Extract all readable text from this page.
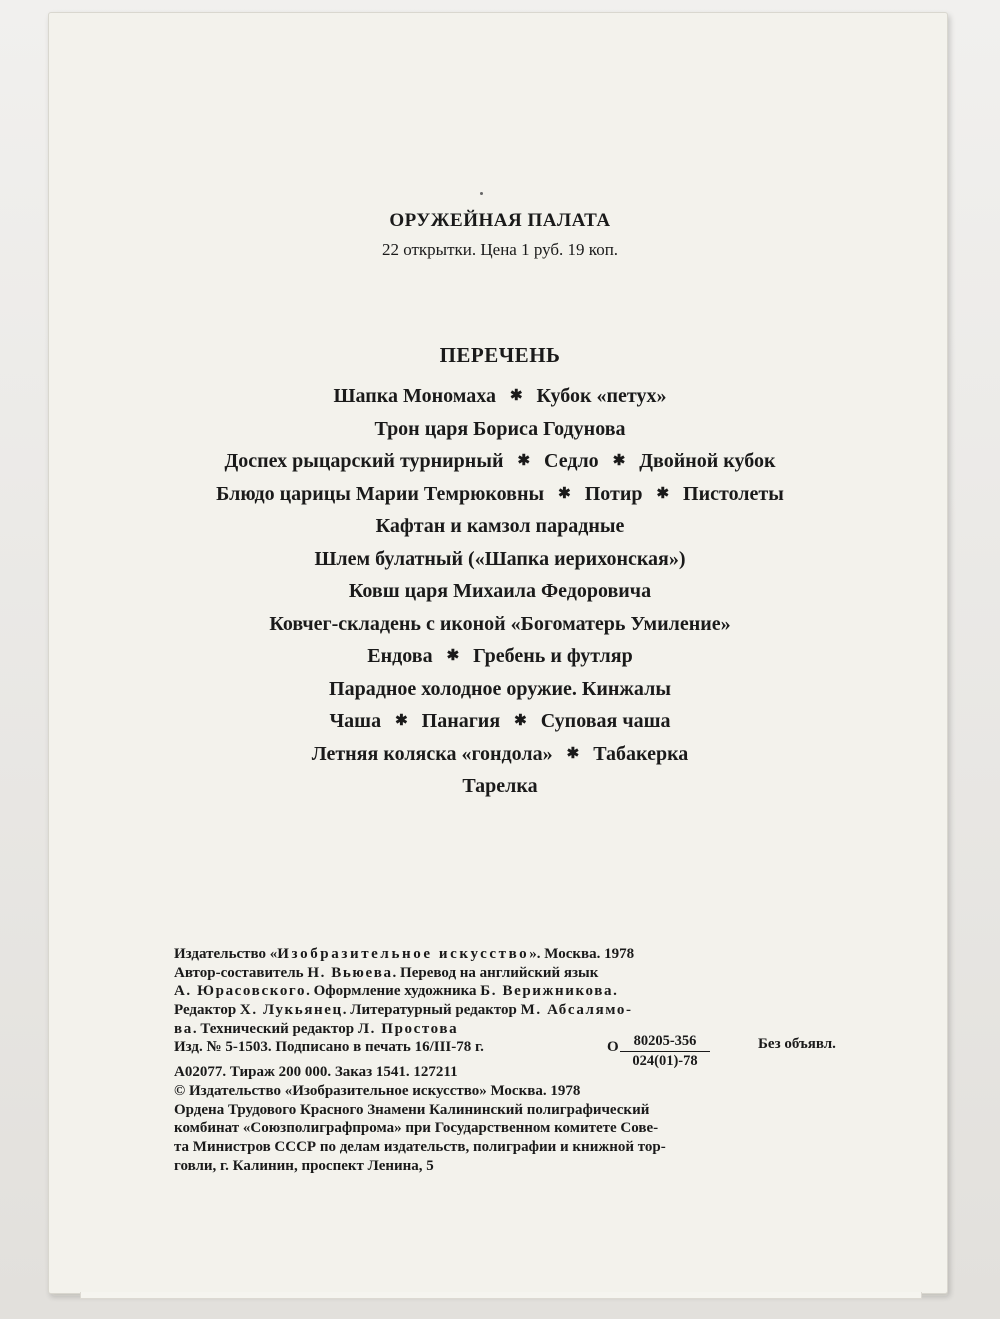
ОРУЖЕЙНАЯ ПАЛАТА
22 открытки. Цена 1 руб. 19 коп.
ПЕРЕЧЕНЬ
Шапка Мономаха ✱ Кубок «петух»
Трон царя Бориса Годунова
Доспех рыцарский турнирный ✱ Седло ✱ Двойной кубок
Блюдо царицы Марии Темрюковны ✱ Потир ✱ Пистолеты
Кафтан и камзол парадные
Шлем булатный («Шапка иерихонская»)
Ковш царя Михаила Федоровича
Ковчег-складень с иконой «Богоматерь Умиление»
Ендова ✱ Гребень и футляр
Парадное холодное оружие. Кинжалы
Чаша ✱ Панагия ✱ Суповая чаша
Летняя коляска «гондола» ✱ Табакерка
Тарелка
Издательство «Изобразительное искусство». Москва. 1978
Автор-составитель Н. Вьюева. Перевод на английский язык
А. Юрасовского. Оформление художника Б. Верижникова.
Редактор Х. Лукьянец. Литературный редактор М. Абсалямо-
ва. Технический редактор Л. Простова
Изд. № 5-1503. Подписано в печать 16/III-78 г.	О $\frac{80205-356}{024(01)-78}$	Без объявл.
А02077. Тираж 200 000. Заказ 1541. 127211
© Издательство «Изобразительное искусство» Москва. 1978
Ордена Трудового Красного Знамени Калининский полиграфический
комбинат «Союзполиграфпрома» при Государственном комитете Сове-
та Министров СССР по делам издательств, полиграфии и книжной тор-
говли, г. Калинин, проспект Ленина, 5
